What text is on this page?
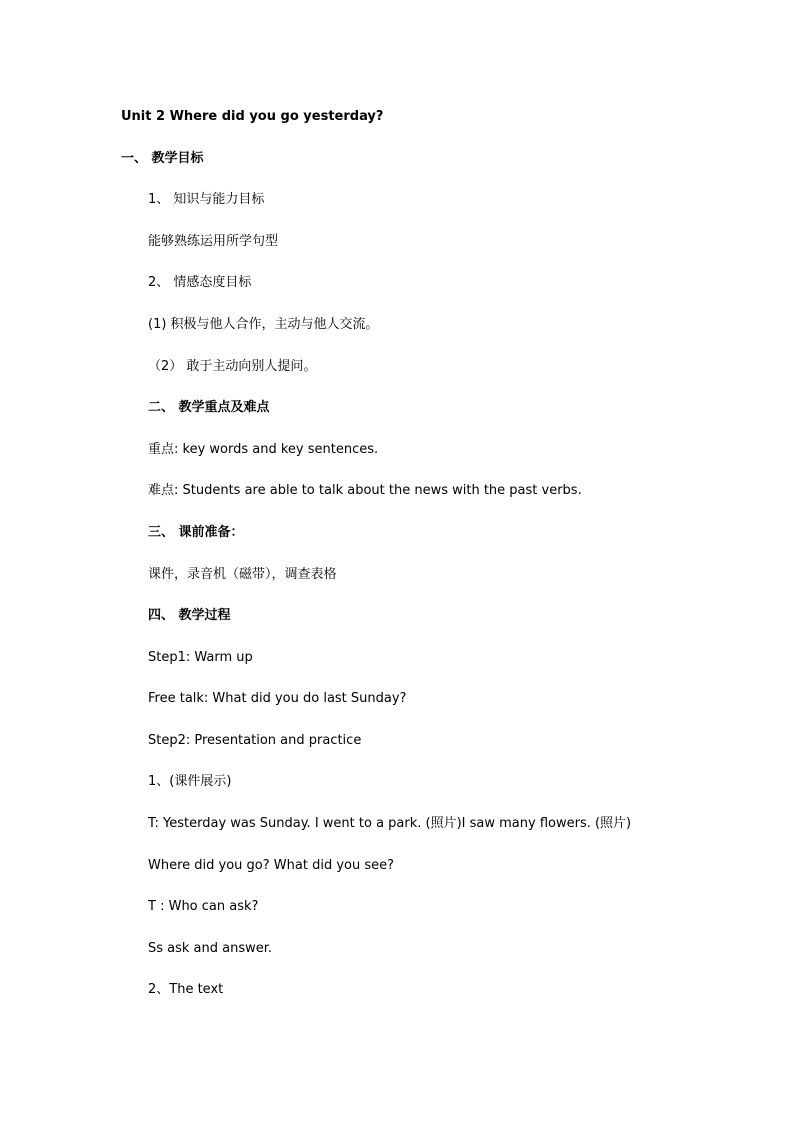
Unit 2 Where did you go yesterday?
一、 教学目标
1、 知识与能力目标
能够熟练运用所学句型
2、 情感态度目标
(1) 积极与他人合作，主动与他人交流。
（2） 敢于主动向别人提问。
二、 教学重点及难点
重点: key words and key sentences.
难点: Students are able to talk about the news with the past verbs.
三、 课前准备：
课件，录音机（磁带），调查表格
四、 教学过程
Step1: Warm up
Free talk: What did you do last Sunday?
Step2: Presentation and practice
1、(课件展示)
T: Yesterday was Sunday. I went to a park. (照片)I saw many flowers. (照片)
Where did you go? What did you see?
T : Who can ask?
Ss ask and answer.
2、The text
